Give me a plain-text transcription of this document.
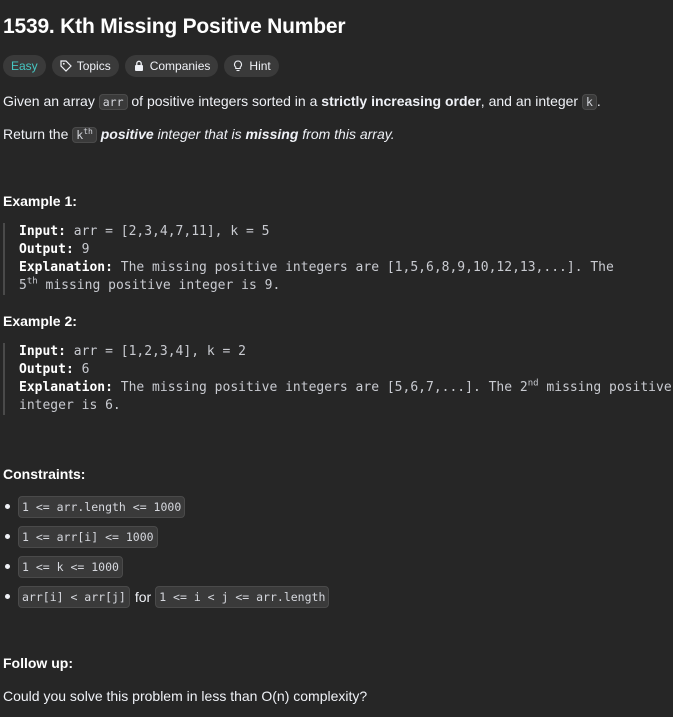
1539. Kth Missing Positive Number
Easy	Topics	Companies	Hint

Given an array arr of positive integers sorted in a strictly increasing order, and an integer k .

Return the $k^{th}$ positive integer that is missing from this array.

Example 1:

Input: arr = [2,3,4,7,11], k = 5
Output: 9
Explanation: The missing positive integers are [1,5,6,8,9,10,12,13,...]. The
5th missing positive integer is 9.

Example 2:

Input: arr = [1,2,3,4], k = 2
Output: 6
Explanation: The missing positive integers are [5,6,7,...]. The 2nd missing positive
integer is 6.

Constraints:

1 <= arr.length <= 1000
1 <= arr[i] <= 1000
1 <= k <= 1000
arr[i] < arr[j] for 1 <= i < j <= arr.length

Follow up:

Could you solve this problem in less than O(n) complexity?
